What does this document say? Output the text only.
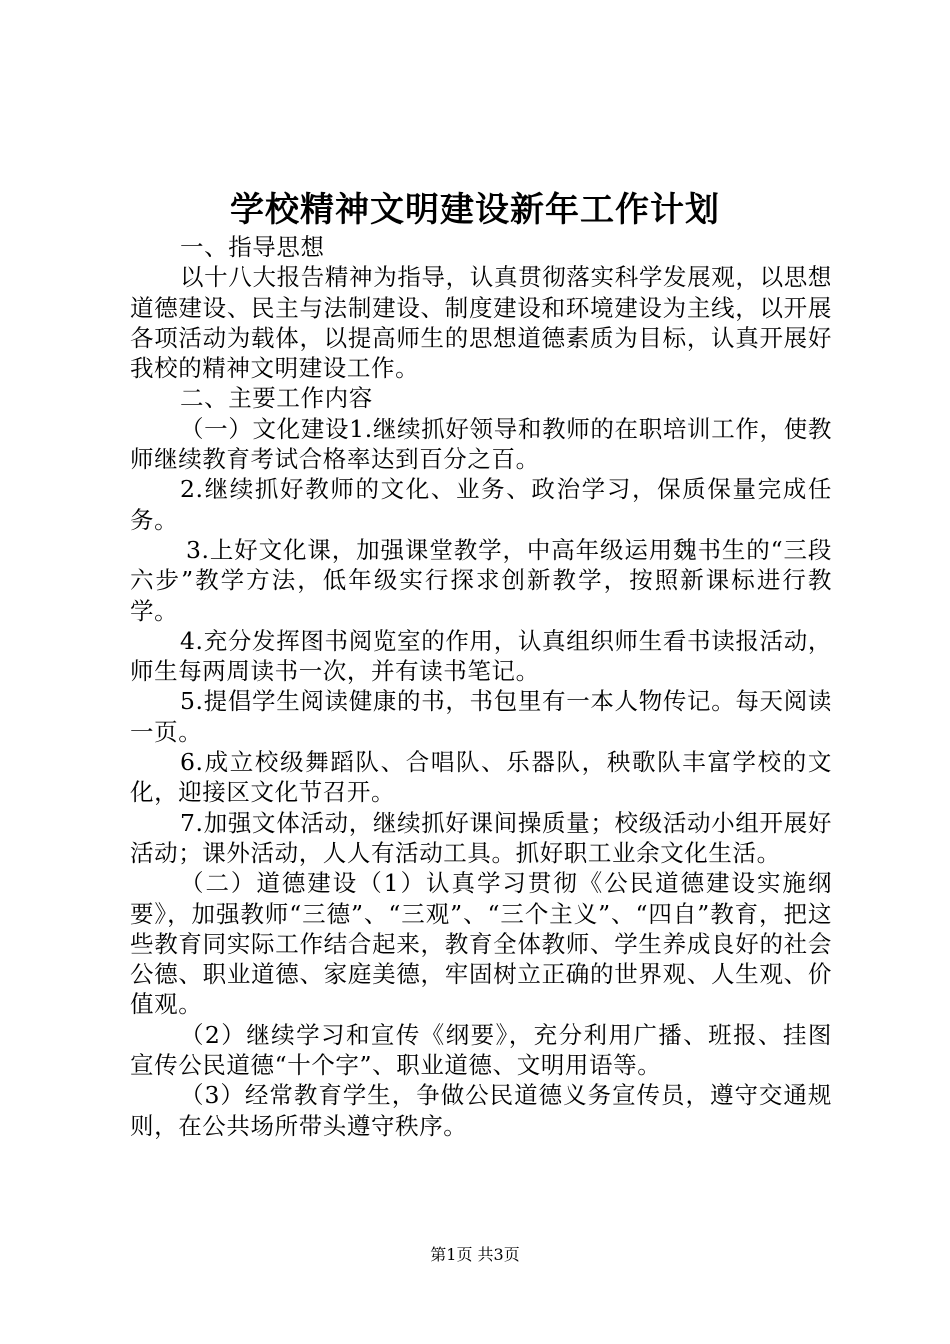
学校精神文明建设新年工作计划

一、指导思想

以十八大报告精神为指导，认真贯彻落实科学发展观，以思想道德建设、民主与法制建设、制度建设和环境建设为主线，以开展各项活动为载体，以提高师生的思想道德素质为目标，认真开展好我校的精神文明建设工作。

二、主要工作内容

（一）文化建设1.继续抓好领导和教师的在职培训工作，使教师继续教育考试合格率达到百分之百。

2.继续抓好教师的文化、业务、政治学习，保质保量完成任务。

3.上好文化课，加强课堂教学，中高年级运用魏书生的“三段六步”教学方法，低年级实行探求创新教学，按照新课标进行教学。

4.充分发挥图书阅览室的作用，认真组织师生看书读报活动，师生每两周读书一次，并有读书笔记。

5.提倡学生阅读健康的书，书包里有一本人物传记。每天阅读一页。

6.成立校级舞蹈队、合唱队、乐器队，秧歌队丰富学校的文化，迎接区文化节召开。

7.加强文体活动，继续抓好课间操质量；校级活动小组开展好活动；课外活动，人人有活动工具。抓好职工业余文化生活。

（二）道德建设（1）认真学习贯彻《公民道德建设实施纲要》，加强教师“三德”、“三观”、“三个主义”、“四自”教育，把这些教育同实际工作结合起来，教育全体教师、学生养成良好的社会公德、职业道德、家庭美德，牢固树立正确的世界观、人生观、价值观。

（2）继续学习和宣传《纲要》，充分利用广播、班报、挂图宣传公民道德“十个字”、职业道德、文明用语等。

（3）经常教育学生，争做公民道德义务宣传员，遵守交通规则，在公共场所带头遵守秩序。

第1页 共3页
